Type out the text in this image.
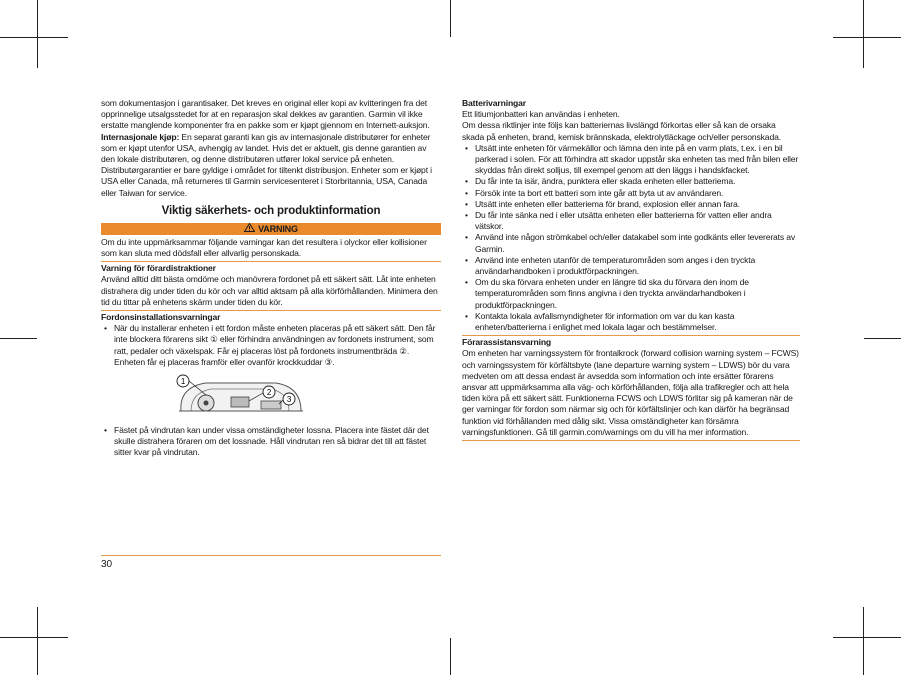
som dokumentasjon i garantisaker. Det kreves en original eller kopi av kvitteringen fra det opprinnelige utsalgsstedet for at en reparasjon skal dekkes av garantien. Garmin vil ikke erstatte manglende komponenter fra en pakke som er kjøpt gjennom en Internett-auksjon.

Internasjonale kjøp: En separat garanti kan gis av internasjonale distributører for enheter som er kjøpt utenfor USA, avhengig av landet. Hvis det er aktuelt, gis denne garantien av den lokale distributøren, og denne distributøren utfører lokal service på enheten. Distributørgarantier er bare gyldige i området for tiltenkt distribusjon. Enheter som er kjøpt i USA eller Canada, må returneres til Garmin servicesenteret i Storbritannia, USA, Canada eller Taiwan for service.

Viktig säkerhets- och produktinformation
VARNING

Om du inte uppmärksammar följande varningar kan det resultera i olyckor eller kollisioner som kan sluta med dödsfall eller allvarlig personskada.

Varning för förardistraktioner

Använd alltid ditt bästa omdöme och manövrera fordonet på ett säkert sätt. Låt inte enheten distrahera dig under tiden du kör och var alltid aktsam på alla körförhållanden. Minimera den tid du tittar på enhetens skärm under tiden du kör.

Fordonsinstallationsvarningar

• När du installerar enheten i ett fordon måste enheten placeras på ett säkert sätt. Den får inte blockera förarens sikt ① eller förhindra användningen av fordonets instrument, som ratt, pedaler och växelspak. Får ej placeras löst på fordonets instrumentbräda ②. Enheten får ej placeras framför eller ovanför krockkuddar ③.
1
2
3
• Fästet på vindrutan kan under vissa omständigheter lossna. Placera inte fästet där det skulle distrahera föraren om det lossnade. Håll vindrutan ren så bidrar det till att fästet sitter kvar på vindrutan.
30

Batterivarningar

Ett litiumjonbatteri kan användas i enheten.

Om dessa riktlinjer inte följs kan batteriernas livslängd förkortas eller så kan de orsaka skada på enheten, brand, kemisk brännskada, elektrolytläckage och/eller personskada.

• Utsätt inte enheten för värmekällor och lämna den inte på en varm plats, t.ex. i en bil parkerad i solen. För att förhindra att skador uppstår ska enheten tas med från bilen eller skyddas från direkt solljus, till exempel genom att den läggs i handskfacket.
• Du får inte ta isär, ändra, punktera eller skada enheten eller batteriema.
• Försök inte ta bort ett batteri som inte går att byta ut av användaren.
• Utsätt inte enheten eller batteriema för brand, explosion eller annan fara.
• Du får inte sänka ned i eller utsätta enheten eller batterierna för vatten eller andra vätskor.
• Använd inte någon strömkabel och/eller datakabel som inte godkänts eller levererats av Garmin.
• Använd inte enheten utanför de temperaturområden som anges i den tryckta användarhandboken i produktförpackningen.
• Om du ska förvara enheten under en längre tid ska du förvara den inom de temperaturområden som finns angivna i den tryckta användarhandboken i produktförpackningen.
• Kontakta lokala avfallsmyndigheter för information om var du kan kasta enheten/batterierna i enlighet med lokala lagar och bestämmelser.

Förarassistansvarning

Om enheten har varningssystem för frontalkrock (forward collision warning system – FCWS) och varningssystem för körfältsbyte (lane departure warning system – LDWS) bör du vara medveten om att dessa endast är avsedda som information och inte ersätter förarens ansvar att uppmärksamma alla väg- och körförhållanden, följa alla trafikregler och att hela tiden köra på ett säkert sätt. Funktionerna FCWS och LDWS förlitar sig på kameran när de ger varningar för fordon som närmar sig och för körfältslinjer och kan därför ha begränsad funktion vid förhållanden med dålig sikt. Vissa omständigheter kan försämra varningsfunktionen. Gå till garmin.com/warnings om du vill ha mer information.
